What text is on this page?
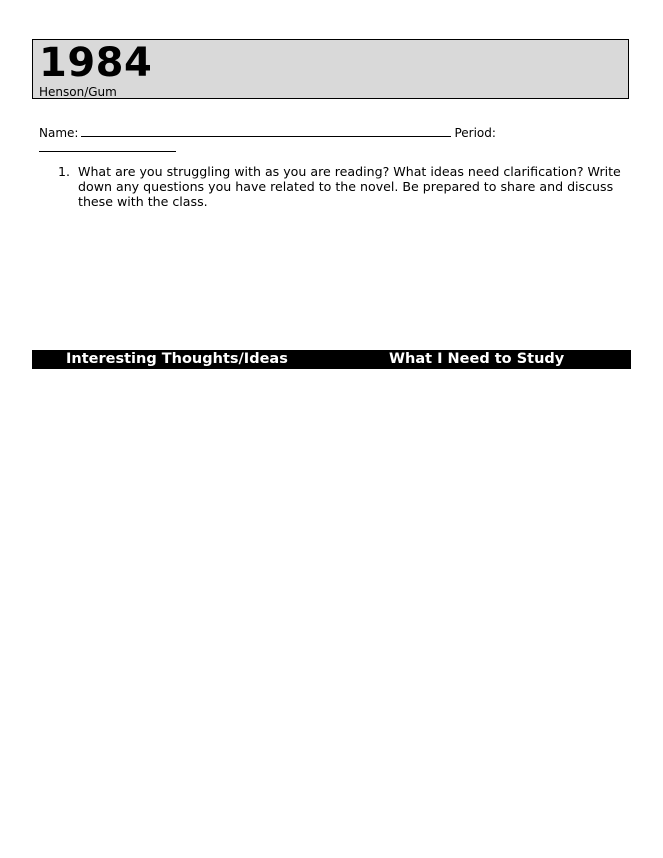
1984
Henson/Gum
Name:	Period:
1. What are you struggling with as you are reading? What ideas need clarification? Write down any questions you have related to the novel. Be prepared to share and discuss these with the class.
Interesting Thoughts/Ideas	What I Need to Study
